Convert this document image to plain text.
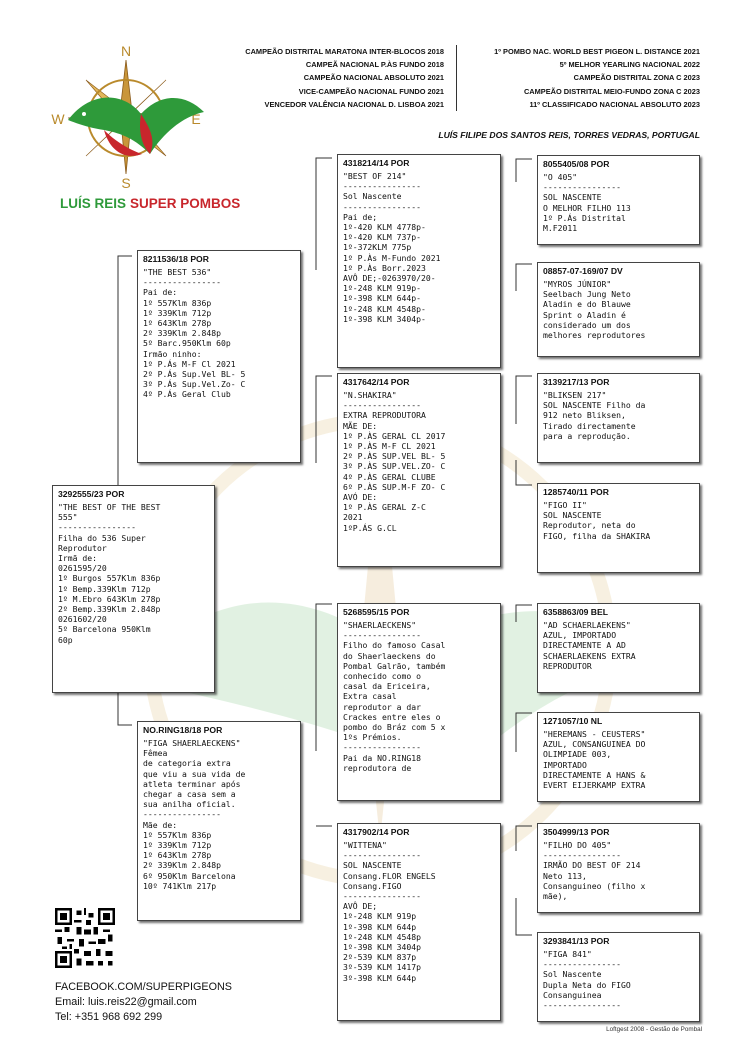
N
S
W	E
LUÍS REIS SUPER POMBOS
CAMPEÃO DISTRITAL MARATONA INTER-BLOCOS 2018
CAMPEÃ NACIONAL P.ÀS FUNDO 2018
CAMPEÃO NACIONAL ABSOLUTO 2021
VICE-CAMPEÃO NACIONAL FUNDO 2021
VENCEDOR VALÊNCIA NACIONAL D. LISBOA 2021
1º POMBO NAC. WORLD BEST PIGEON L. DISTANCE 2021
5º MELHOR YEARLING NACIONAL 2022
CAMPEÃO DISTRITAL ZONA C 2023
CAMPEÃO DISTRITAL MEIO-FUNDO ZONA C 2023
11º CLASSIFICADO NACIONAL ABSOLUTO 2023
LUÍS FILIPE DOS SANTOS REIS, TORRES VEDRAS, PORTUGAL
3292555/23 POR
"THE BEST OF THE BEST
555"
----------------
Filha do 536 Super
Reprodutor
Irmã de:
0261595/20
1º Burgos 557Klm 836p
1º Bemp.339Klm 712p
1º M.Ebro 643Klm 278p
2º Bemp.339Klm 2.848p
0261602/20
5º Barcelona 950Klm
60p
8211536/18 POR
"THE BEST 536"
----------------
Pai de:
1º 557Klm 836p
1º 339Klm 712p
1º 643Klm 278p
2º 339Klm 2.848p
5º Barc.950Klm 60p
Irmão ninho:
1º P.Ás M-F Cl 2021
2º P.Ás Sup.Vel BL- 5
3º P.Ás Sup.Vel.Zo- C
4º P.Ás Geral Club
NO.RING18/18 POR
"FIGA SHAERLAECKENS"
Fêmea
de categoria extra
que viu a sua vida de
atleta terminar após
chegar a casa sem a
sua anilha oficial.
----------------
Mãe de:
1º 557Klm 836p
1º 339Klm 712p
1º 643Klm 278p
2º 339Klm 2.848p
6º 950Klm Barcelona
10º 741Klm 217p
4318214/14 POR
"BEST OF 214"
----------------
Sol Nascente
----------------
Pai de;
1º-420 KLM 4778p-
1º-420 KLM 737p-
1º-372KLM 775p
1º P.Às M-Fundo 2021
1º P.Às Borr.2023
AVÔ DE;-0263970/20-
1º-248 KLM 919p-
1º-398 KLM 644p-
1º-248 KLM 4548p-
1º-398 KLM 3404p-
4317642/14 POR
"N.SHAKIRA"
----------------
EXTRA REPRODUTORA
MÃE DE:
1º P.ÀS GERAL CL 2017
1º P.ÀS M-F CL 2021
2º P.ÀS SUP.VEL BL- 5
3º P.ÀS SUP.VEL.ZO- C
4º P.ÀS GERAL CLUBE
6º P.ÀS SUP.M-F ZO- C
AVÓ DE:
1º P.ÀS GERAL Z-C
2021
1ºP.ÁS G.CL
5268595/15 POR
"SHAERLAECKENS"
----------------
Filho do famoso Casal
do Shaerlaeckens do
Pombal Galrão, também
conhecido como o
casal da Ericeira,
Extra casal
reprodutor a dar
Crackes entre eles o
pombo do Bráz com 5 x
1ºs Prémios.
----------------
Pai da NO.RING18
reprodutora de
4317902/14 POR
"WITTENA"
----------------
SOL NASCENTE
Consang.FLOR ENGELS
Consang.FIGO
----------------
AVÔ DE;
1º-248 KLM 919p
1º-398 KLM 644p
1º-248 KLM 4548p
1º-398 KLM 3404p
2º-539 KLM 837p
3º-539 KLM 1417p
3º-398 KLM 644p
8055405/08 POR
"O 405"
----------------
SOL NASCENTE
O MELHOR FILHO 113
1º P.Ás Distrital
M.F2011
08857-07-169/07 DV
"MYROS JÚNIOR"
Seelbach Jung Neto
Aladin e do Blauwe
Sprint o Aladin é
considerado um dos
melhores reprodutores
3139217/13 POR
"BLIKSEN 217"
SOL NASCENTE Filho da
912 neto Bliksen,
Tirado directamente
para a reprodução.
1285740/11 POR
"FIGO II"
SOL NASCENTE
Reprodutor, neta do
FIGO, filha da SHAKIRA
6358863/09 BEL
"AD SCHAERLAEKENS"
AZUL, IMPORTADO
DIRECTAMENTE A AD
SCHAERLAEKENS EXTRA
REPRODUTOR
1271057/10 NL
"HEREMANS - CEUSTERS"
AZUL, CONSANGUINEA DO
OLIMPIADE 003,
IMPORTADO
DIRECTAMENTE A HANS &
EVERT EIJERKAMP EXTRA
3504999/13 POR
"FILHO DO 405"
----------------
IRMÃO DO BEST OF 214
Neto 113,
Consanguineo (filho x
mãe),
3293841/13 POR
"FIGA 841"
----------------
Sol Nascente
Dupla Neta do FIGO
Consanguinea
----------------
FACEBOOK.COM/SUPERPIGEONS
Email: luis.reis22@gmail.com
Tel: +351 968 692 299
Loftgest 2008 - Gestão de Pombal
